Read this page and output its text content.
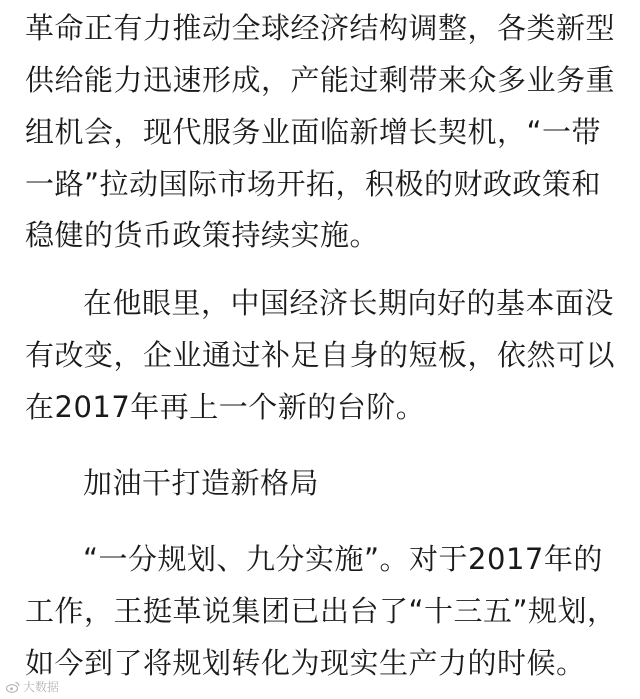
革命正有力推动全球经济结构调整，各类新型
供给能力迅速形成，产能过剩带来众多业务重
组机会，现代服务业面临新增长契机，“一带
一路”拉动国际市场开拓，积极的财政政策和
稳健的货币政策持续实施。
在他眼里，中国经济长期向好的基本面没
有改变，企业通过补足自身的短板，依然可以
在2017年再上一个新的台阶。
加油干打造新格局
“一分规划、九分实施”。对于2017年的
工作，王挺革说集团已出台了“十三五”规划，
如今到了将规划转化为现实生产力的时候。
大数据
